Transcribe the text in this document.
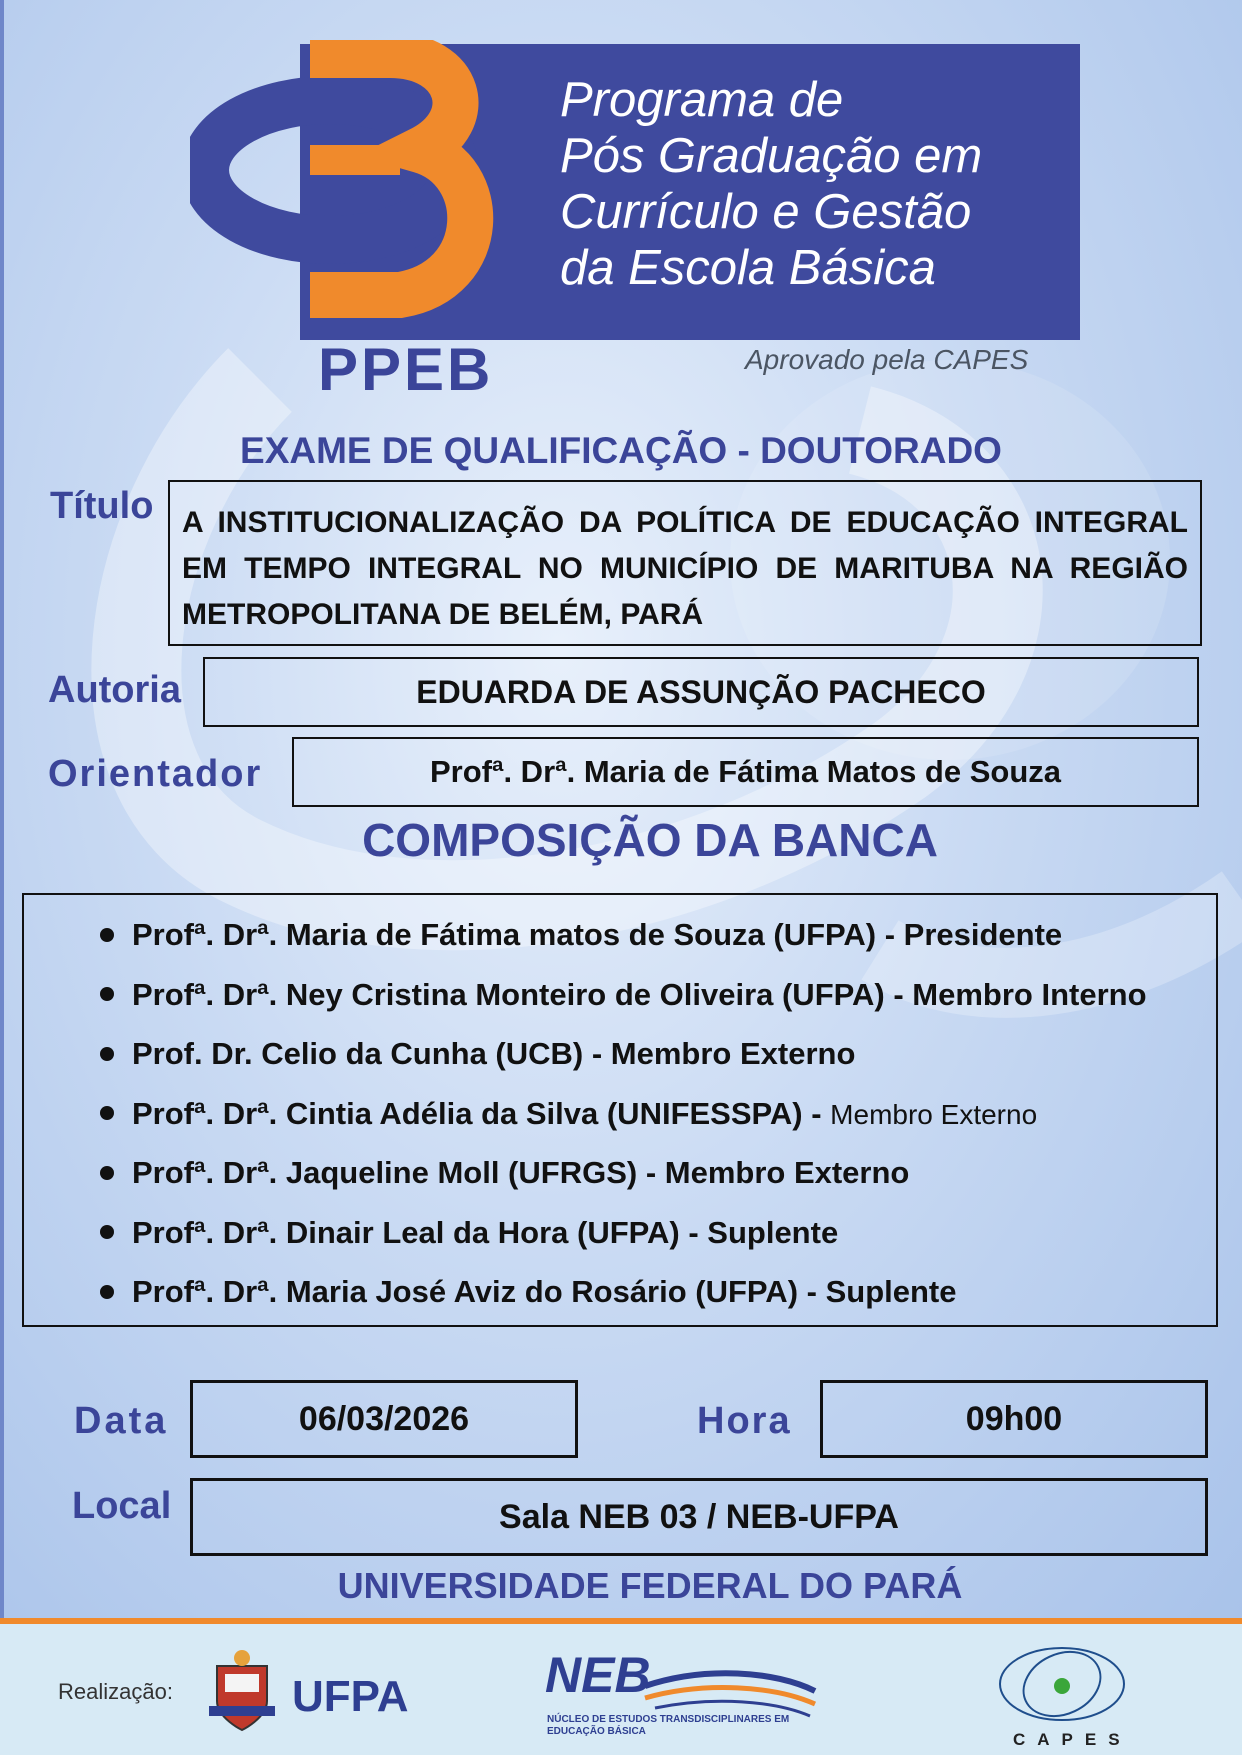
Programa de
Pós Graduação em
Currículo e Gestão
da Escola Básica
PPEB	Aprovado pela CAPES
EXAME DE QUALIFICAÇÃO - DOUTORADO
Título A INSTITUCIONALIZAÇÃO DA POLÍTICA DE EDUCAÇÃO INTEGRAL EM TEMPO INTEGRAL NO MUNICÍPIO DE MARITUBA NA REGIÃO METROPOLITANA DE BELÉM, PARÁ
Autoria	EDUARDA DE ASSUNÇÃO PACHECO
Orientador	Profª. Drª. Maria de Fátima Matos de Souza
COMPOSIÇÃO DA BANCA
Profª. Drª. Maria de Fátima matos de Souza (UFPA) - Presidente
Profª. Drª. Ney Cristina Monteiro de Oliveira (UFPA) - Membro Interno
Prof. Dr. Celio da Cunha (UCB) - Membro Externo
Profª. Drª. Cintia Adélia da Silva (UNIFESSPA) - Membro Externo
Profª. Drª. Jaqueline Moll (UFRGS) - Membro Externo
Profª. Drª. Dinair Leal da Hora (UFPA) - Suplente
Profª. Drª. Maria José Aviz do Rosário (UFPA) - Suplente
Data	06/03/2026	Hora	09h00
Local	Sala NEB 03 / NEB-UFPA
UNIVERSIDADE FEDERAL DO PARÁ
Realização:	UFPA	NEB
NÚCLEO DE ESTUDOS TRANSDISCIPLINARES EM EDUCAÇÃO BÁSICA	CAPES
